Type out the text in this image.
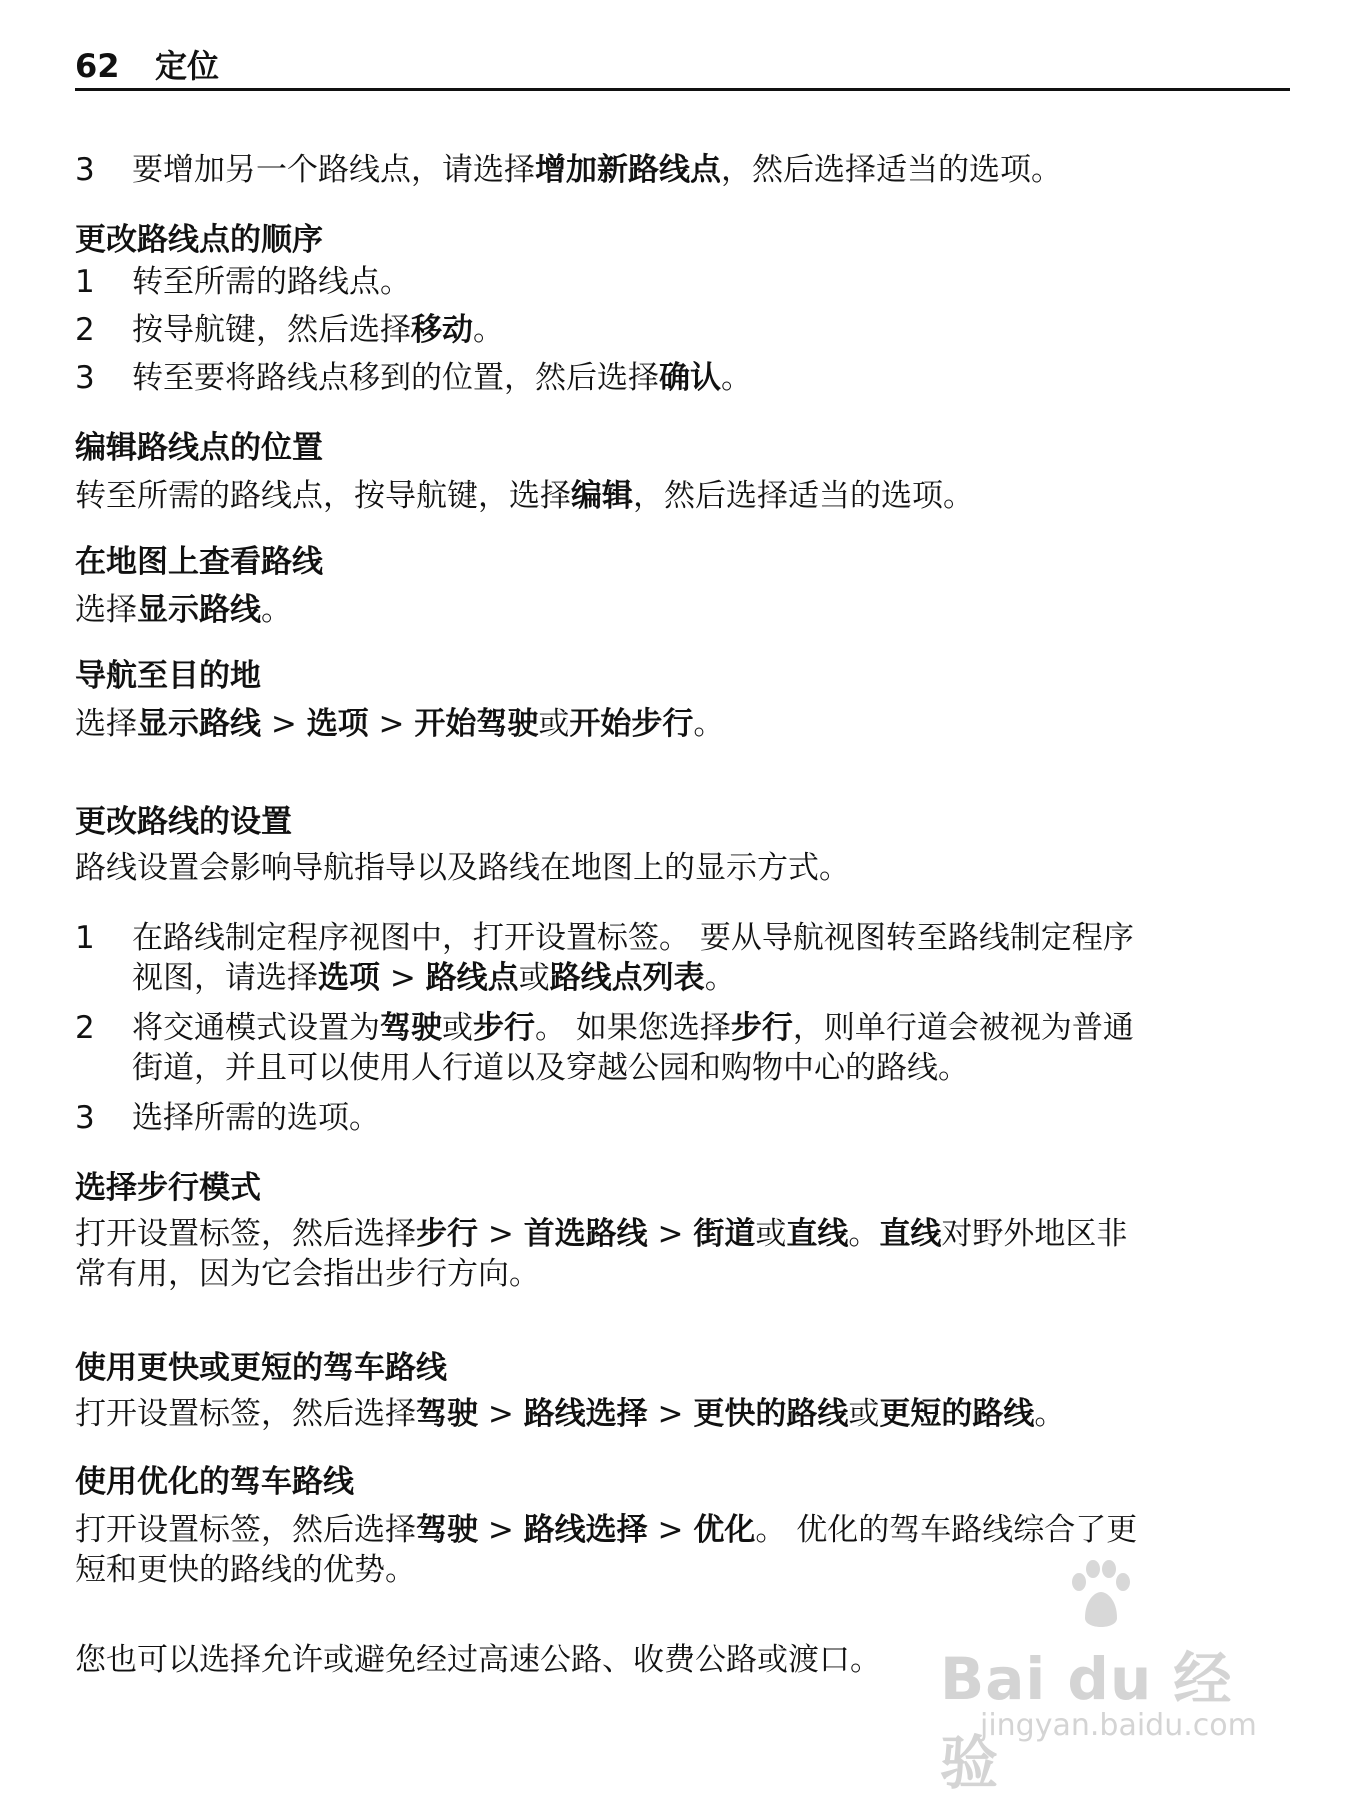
62 定位
3 要增加另一个路线点，请选择增加新路线点，然后选择适当的选项。
更改路线点的顺序
1 转至所需的路线点。
2 按导航键，然后选择移动。
3 转至要将路线点移到的位置，然后选择确认。
编辑路线点的位置
转至所需的路线点，按导航键，选择编辑，然后选择适当的选项。
在地图上查看路线
选择显示路线。
导航至目的地
选择显示路线 > 选项 > 开始驾驶或开始步行。
更改路线的设置
路线设置会影响导航指导以及路线在地图上的显示方式。
1 在路线制定程序视图中，打开设置标签。 要从导航视图转至路线制定程序
视图，请选择选项 > 路线点或路线点列表。
2 将交通模式设置为驾驶或步行。 如果您选择步行，则单行道会被视为普通
街道，并且可以使用人行道以及穿越公园和购物中心的路线。
3 选择所需的选项。
选择步行模式
打开设置标签，然后选择步行 > 首选路线 > 街道或直线。直线对野外地区非
常有用，因为它会指出步行方向。
使用更快或更短的驾车路线
打开设置标签，然后选择驾驶 > 路线选择 > 更快的路线或更短的路线。
使用优化的驾车路线
打开设置标签，然后选择驾驶 > 路线选择 > 优化。 优化的驾车路线综合了更
短和更快的路线的优势。
您也可以选择允许或避免经过高速公路、收费公路或渡口。 Bai du 经验
jingyan.baidu.com
